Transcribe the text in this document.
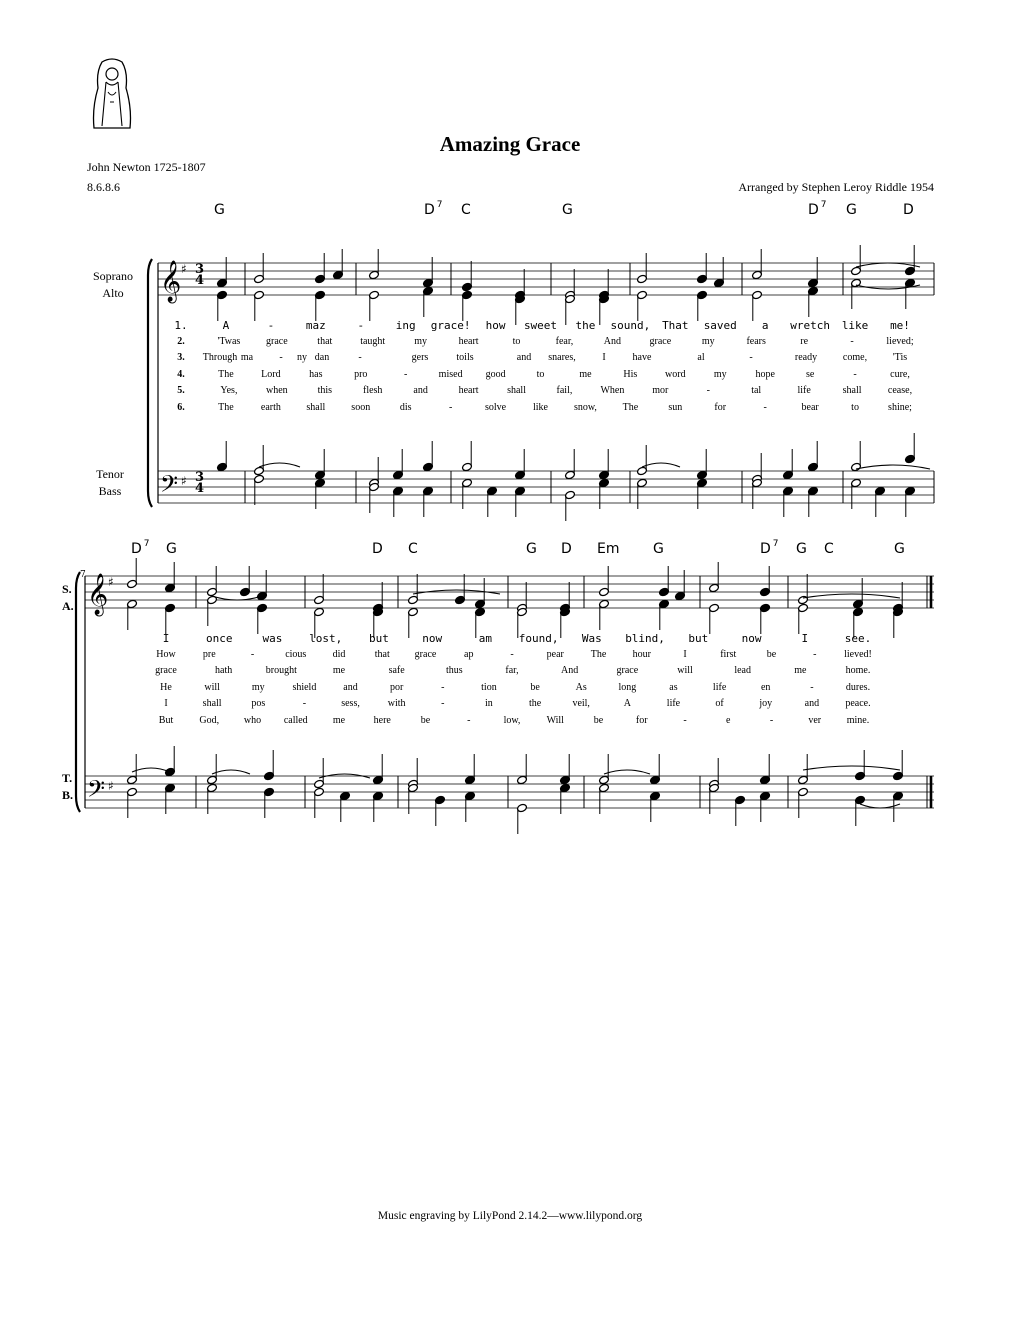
Amazing Grace
John Newton 1725-1807
8.6.8.6	Arranged by Stephen Leroy Riddle 1954
G	D $^7$ C	G	D $^7$ G	D
D $^7$ G	D C	G D Em G	D $^7$ G C	G
Soprano
Alto
Tenor
Bass
S.
A.
T.
B.
3
4
3
4
7
1.	A	-	maz	-	ing grace! how sweet the sound, That saved a wretch like me!
2.	'Twas	grace	that	taught	my	heart	to	fear,	And	grace	my	fears	re	-	lieved;
3. Through ma	- ny dan	-	gers	toils	and snares,	I	have	al	-	ready	come,	'Tis
4.	The	Lord	has	pro	-	mised good	to	me	His	word	my	hope	se	-	cure,
5.	Yes,	when	this	flesh	and	heart	shall	fail,	When	mor	-	tal	life	shall	cease,
6.	The	earth	shall	soon	dis	-	solve	like	snow,	The	sun	for	-	bear	to	shine;
I	once	was lost, but	now	am found, Was blind, but	now	I	see.
How	pre	-	cious	did	that grace	ap	-	pear	The	hour	I	first	be	-	lieved!
grace	hath	brought	me	safe	thus	far,	And	grace	will	lead	me	home.
He	will	my	shield	and	por	-	tion	be	As	long	as	life	en	-	dures.
I	shall	pos	-	sess,	with	-	in	the	veil,	A	life	of	joy	and	peace.
But	God, who called	me	here	be	-	low,	Will	be	for	-	e	-	ver	mine.
𝄞
𝄢
♯
♯
𝄞
𝄢
♯
♯
Music engraving by LilyPond 2.14.2—www.lilypond.org
